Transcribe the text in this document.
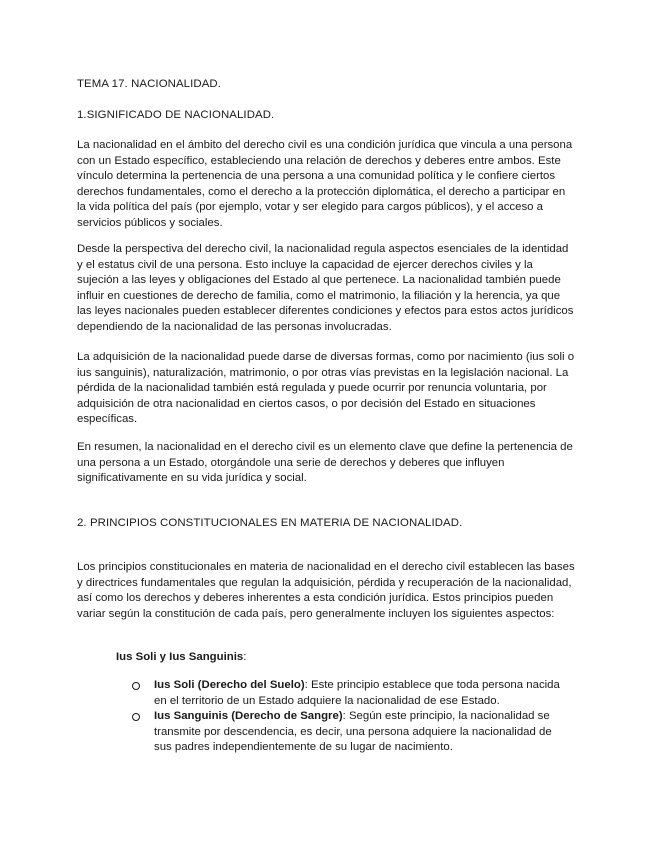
TEMA 17. NACIONALIDAD.

1.SIGNIFICADO DE NACIONALIDAD.

La nacionalidad en el ámbito del derecho civil es una condición jurídica que vincula a una persona con un Estado específico, estableciendo una relación de derechos y deberes entre ambos. Este vínculo determina la pertenencia de una persona a una comunidad política y le confiere ciertos derechos fundamentales, como el derecho a la protección diplomática, el derecho a participar en la vida política del país (por ejemplo, votar y ser elegido para cargos públicos), y el acceso a servicios públicos y sociales.

Desde la perspectiva del derecho civil, la nacionalidad regula aspectos esenciales de la identidad y el estatus civil de una persona. Esto incluye la capacidad de ejercer derechos civiles y la sujeción a las leyes y obligaciones del Estado al que pertenece. La nacionalidad también puede influir en cuestiones de derecho de familia, como el matrimonio, la filiación y la herencia, ya que las leyes nacionales pueden establecer diferentes condiciones y efectos para estos actos jurídicos dependiendo de la nacionalidad de las personas involucradas.

La adquisición de la nacionalidad puede darse de diversas formas, como por nacimiento (ius soli o ius sanguinis), naturalización, matrimonio, o por otras vías previstas en la legislación nacional. La pérdida de la nacionalidad también está regulada y puede ocurrir por renuncia voluntaria, por adquisición de otra nacionalidad en ciertos casos, o por decisión del Estado en situaciones específicas.

En resumen, la nacionalidad en el derecho civil es un elemento clave que define la pertenencia de una persona a un Estado, otorgándole una serie de derechos y deberes que influyen significativamente en su vida jurídica y social.

2. PRINCIPIOS CONSTITUCIONALES EN MATERIA DE NACIONALIDAD.

Los principios constitucionales en materia de nacionalidad en el derecho civil establecen las bases y directrices fundamentales que regulan la adquisición, pérdida y recuperación de la nacionalidad, así como los derechos y deberes inherentes a esta condición jurídica. Estos principios pueden variar según la constitución de cada país, pero generalmente incluyen los siguientes aspectos:

Ius Soli y Ius Sanguinis:

Ius Soli (Derecho del Suelo): Este principio establece que toda persona nacida en el territorio de un Estado adquiere la nacionalidad de ese Estado.
Ius Sanguinis (Derecho de Sangre): Según este principio, la nacionalidad se transmite por descendencia, es decir, una persona adquiere la nacionalidad de sus padres independientemente de su lugar de nacimiento.
